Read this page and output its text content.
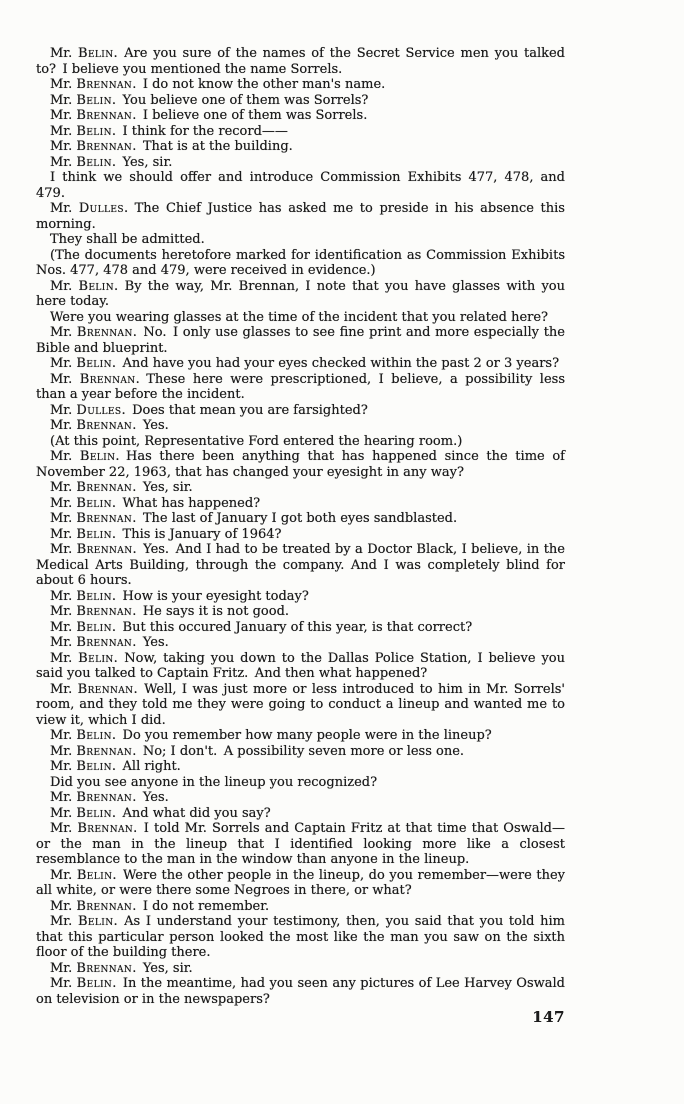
Mr. Belin. Are you sure of the names of the Secret Service men you talked to? I believe you mentioned the name Sorrels.

Mr. Brennan. I do not know the other man's name.

Mr. Belin. You believe one of them was Sorrels?

Mr. Brennan. I believe one of them was Sorrels.

Mr. Belin. I think for the record——

Mr. Brennan. That is at the building.

Mr. Belin. Yes, sir.

I think we should offer and introduce Commission Exhibits 477, 478, and 479.

Mr. Dulles. The Chief Justice has asked me to preside in his absence this morning.

They shall be admitted.

(The documents heretofore marked for identification as Commission Exhibits Nos. 477, 478 and 479, were received in evidence.)

Mr. Belin. By the way, Mr. Brennan, I note that you have glasses with you here today.

Were you wearing glasses at the time of the incident that you related here?

Mr. Brennan. No. I only use glasses to see fine print and more especially the Bible and blueprint.

Mr. Belin. And have you had your eyes checked within the past 2 or 3 years?

Mr. Brennan. These here were prescriptioned, I believe, a possibility less than a year before the incident.

Mr. Dulles. Does that mean you are farsighted?

Mr. Brennan. Yes.

(At this point, Representative Ford entered the hearing room.)

Mr. Belin. Has there been anything that has happened since the time of November 22, 1963, that has changed your eyesight in any way?

Mr. Brennan. Yes, sir.

Mr. Belin. What has happened?

Mr. Brennan. The last of January I got both eyes sandblasted.

Mr. Belin. This is January of 1964?

Mr. Brennan. Yes. And I had to be treated by a Doctor Black, I believe, in the Medical Arts Building, through the company. And I was completely blind for about 6 hours.

Mr. Belin. How is your eyesight today?

Mr. Brennan. He says it is not good.

Mr. Belin. But this occured January of this year, is that correct?

Mr. Brennan. Yes.

Mr. Belin. Now, taking you down to the Dallas Police Station, I believe you said you talked to Captain Fritz. And then what happened?

Mr. Brennan. Well, I was just more or less introduced to him in Mr. Sorrels' room, and they told me they were going to conduct a lineup and wanted me to view it, which I did.

Mr. Belin. Do you remember how many people were in the lineup?

Mr. Brennan. No; I don't. A possibility seven more or less one.

Mr. Belin. All right.

Did you see anyone in the lineup you recognized?

Mr. Brennan. Yes.

Mr. Belin. And what did you say?

Mr. Brennan. I told Mr. Sorrels and Captain Fritz at that time that Oswald—or the man in the lineup that I identified looking more like a closest resemblance to the man in the window than anyone in the lineup.

Mr. Belin. Were the other people in the lineup, do you remember—were they all white, or were there some Negroes in there, or what?

Mr. Brennan. I do not remember.

Mr. Belin. As I understand your testimony, then, you said that you told him that this particular person looked the most like the man you saw on the sixth floor of the building there.

Mr. Brennan. Yes, sir.

Mr. Belin. In the meantime, had you seen any pictures of Lee Harvey Oswald on television or in the newspapers?

147
